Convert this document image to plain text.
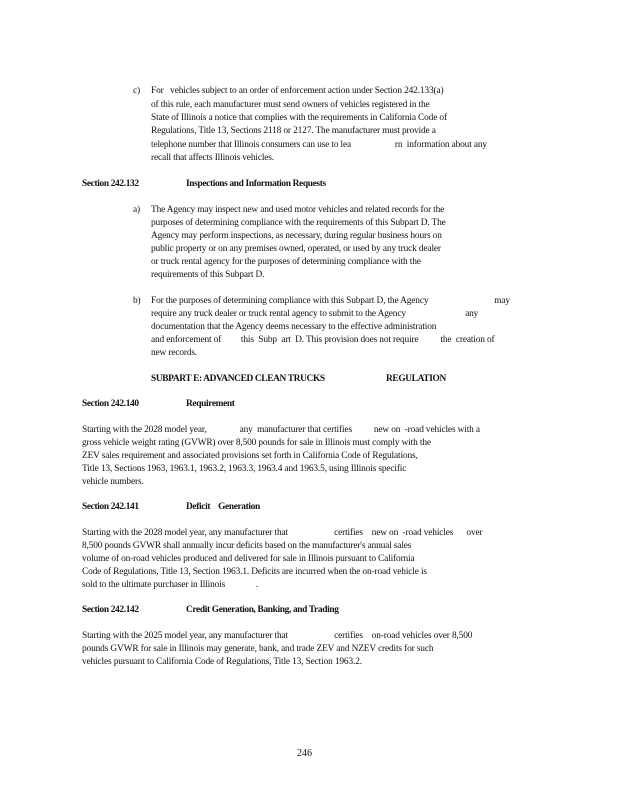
c) For   vehicles subject to an order of enforcement action under Section 242.133(a)
of this rule, each manufacturer must send owners of vehicles registered in the
State of Illinois a notice that complies with the requirements in California Code of
Regulations, Title 13, Sections 2118 or 2127. The manufacturer must provide a
telephone number that Illinois consumers can use to lea                    rn  information about any
recall that affects Illinois vehicles.
Section 242.132	Inspections and Information Requests
a) The Agency may inspect new and used motor vehicles and related records for the
purposes of determining compliance with the requirements of this Subpart D. The
Agency may perform inspections, as necessary, during regular business hours on
public property or on any premises owned, operated, or used by any truck dealer
or truck rental agency for the purposes of determining compliance with the
requirements of this Subpart D.
b) For the purposes of determining compliance with this Subpart D, the Agency                              may
require any truck dealer or truck rental agency to submit to the Agency                           any
documentation that the Agency deems necessary to the effective administration
and enforcement of         this  Subp  art  D. This provision does not require          the  creation of
new records.
SUBPART E: ADVANCED CLEAN TRUCKS	REGULATION
Section 242.140	Requirement
Starting with the 2028 model year,               any  manufacturer that certifies          new on  -road vehicles with a
gross vehicle weight rating (GVWR) over 8,500 pounds for sale in Illinois must comply with the
ZEV sales requirement and associated provisions set forth in California Code of Regulations,
Title 13, Sections 1963, 1963.1, 1963.2, 1963.3, 1963.4 and 1963.5, using Illinois specific
vehicle numbers.
Section 242.141	Deficit    Generation
Starting with the 2028 model year, any manufacturer that                     certifies    new on  -road vehicles      over
8,500 pounds GVWR shall annually incur deficits based on the manufacturer's annual sales
volume of on-road vehicles produced and delivered for sale in Illinois pursuant to California
Code of Regulations, Title 13, Section 1963.1. Deficits are incurred when the on-road vehicle is
sold to the ultimate purchaser in Illinois              .
Section 242.142	Credit Generation, Banking, and Trading
Starting with the 2025 model year, any manufacturer that                     certifies    on-road vehicles over 8,500
pounds GVWR for sale in Illinois may generate, bank, and trade ZEV and NZEV credits for such
vehicles pursuant to California Code of Regulations, Title 13, Section 1963.2.
246
